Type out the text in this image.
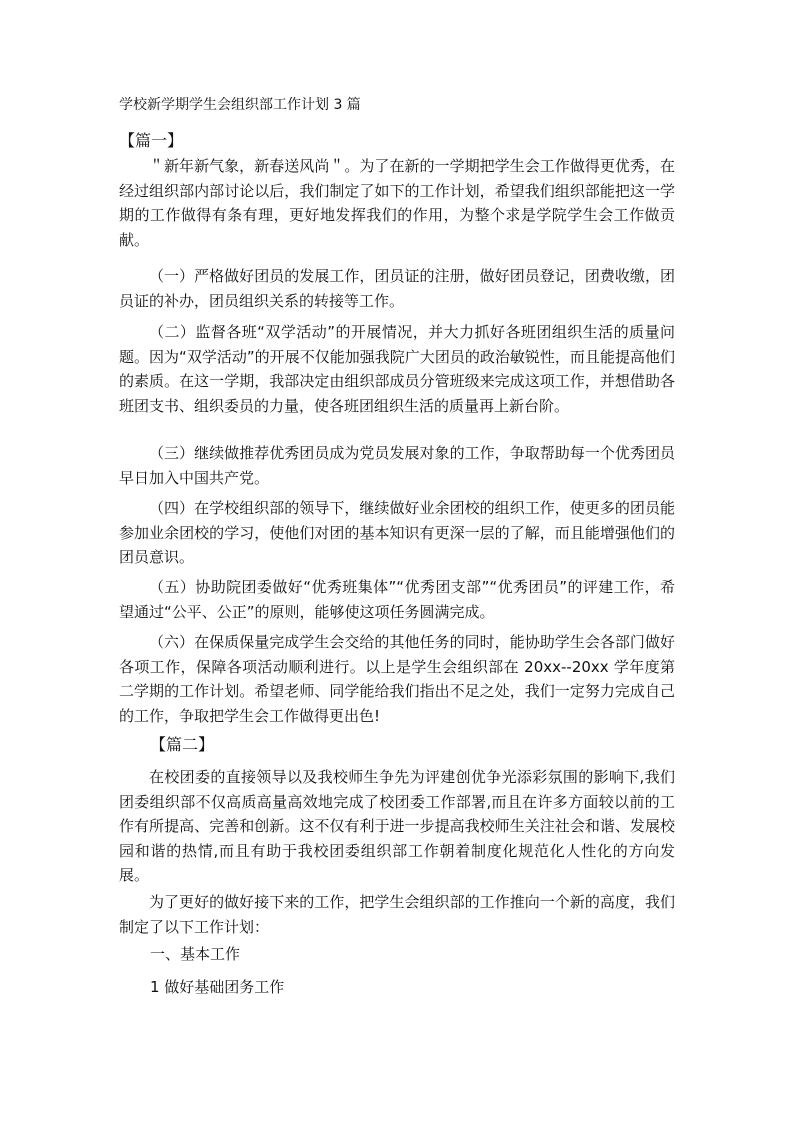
学校新学期学生会组织部工作计划 3 篇
【篇一】

＂新年新气象，新春送风尚＂。为了在新的一学期把学生会工作做得更优秀，在经过组织部内部讨论以后，我们制定了如下的工作计划，希望我们组织部能把这一学期的工作做得有条有理，更好地发挥我们的作用，为整个求是学院学生会工作做贡献。

（一）严格做好团员的发展工作，团员证的注册，做好团员登记，团费收缴，团员证的补办，团员组织关系的转接等工作。

（二）监督各班“双学活动”的开展情况，并大力抓好各班团组织生活的质量问题。因为“双学活动”的开展不仅能加强我院广大团员的政治敏锐性，而且能提高他们的素质。在这一学期，我部决定由组织部成员分管班级来完成这项工作，并想借助各班团支书、组织委员的力量，使各班团组织生活的质量再上新台阶。

（三）继续做推荐优秀团员成为党员发展对象的工作，争取帮助每一个优秀团员早日加入中国共产党。

（四）在学校组织部的领导下，继续做好业余团校的组织工作，使更多的团员能参加业余团校的学习，使他们对团的基本知识有更深一层的了解，而且能增强他们的团员意识。

（五）协助院团委做好“优秀班集体”“优秀团支部”“优秀团员”的评建工作，希望通过“公平、公正”的原则，能够使这项任务圆满完成。

（六）在保质保量完成学生会交给的其他任务的同时，能协助学生会各部门做好各项工作，保障各项活动顺利进行。以上是学生会组织部在 20xx--20xx 学年度第二学期的工作计划。希望老师、同学能给我们指出不足之处，我们一定努力完成自己的工作，争取把学生会工作做得更出色!

【篇二】

在校团委的直接领导以及我校师生争先为评建创优争光添彩氛围的影响下,我们团委组织部不仅高质高量高效地完成了校团委工作部署,而且在许多方面较以前的工作有所提高、完善和创新。这不仅有利于进一步提高我校师生关注社会和谐、发展校园和谐的热情,而且有助于我校团委组织部工作朝着制度化规范化人性化的方向发展。

为了更好的做好接下来的工作，把学生会组织部的工作推向一个新的高度，我们制定了以下工作计划：

一、基本工作
1 做好基础团务工作
